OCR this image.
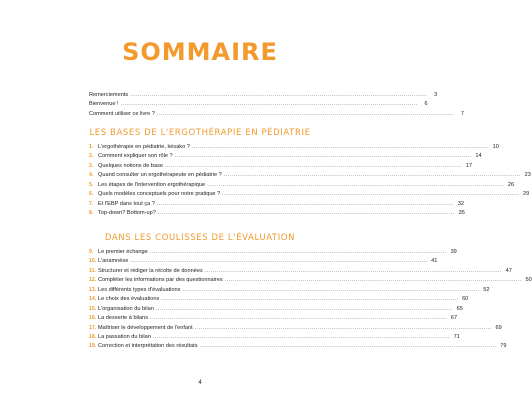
SOMMAIRE
Remerciements .....	3
Bienvenue ! .....	6
Comment utiliser ce livre ? .....	7
LES BASES DE L'ERGOTHÉRAPIE EN PÉDIATRIE
1. L'ergothérapie en pédiatrie, késako ? .....	10
2. Comment expliquer son rôle ? .....	14
3. Quelques notions de base .....	17
4. Quand consulter un ergothérapeute en pédiatrie ? .....	23
5. Les étapes de l'intervention ergothérapique .....	26
6. Quels modèles conceptuels pour notre pratique ? .....	29
7. Et l'EBP dans tout ça ? .....	32
8. Top-down? Bottom-up? .....	35
DANS LES COULISSES DE L'ÉVALUATION
9. Le premier échange .....	39
10. L'anamnèse .....	41
11. Structurer et rédiger la récolte de données .....	47
12. Compléter les informations par des questionnaires .....	50
13. Les différents types d'évaluations .....	52
14. Le choix des évaluations .....	60
15. L'organisation du bilan .....	65
16. La desserte à bilans .....	67
17. Maîtriser le développement de l'enfant .....	69
18. La passation du bilan .....	71
19. Correction et interprétation des résultats .....	79
4
